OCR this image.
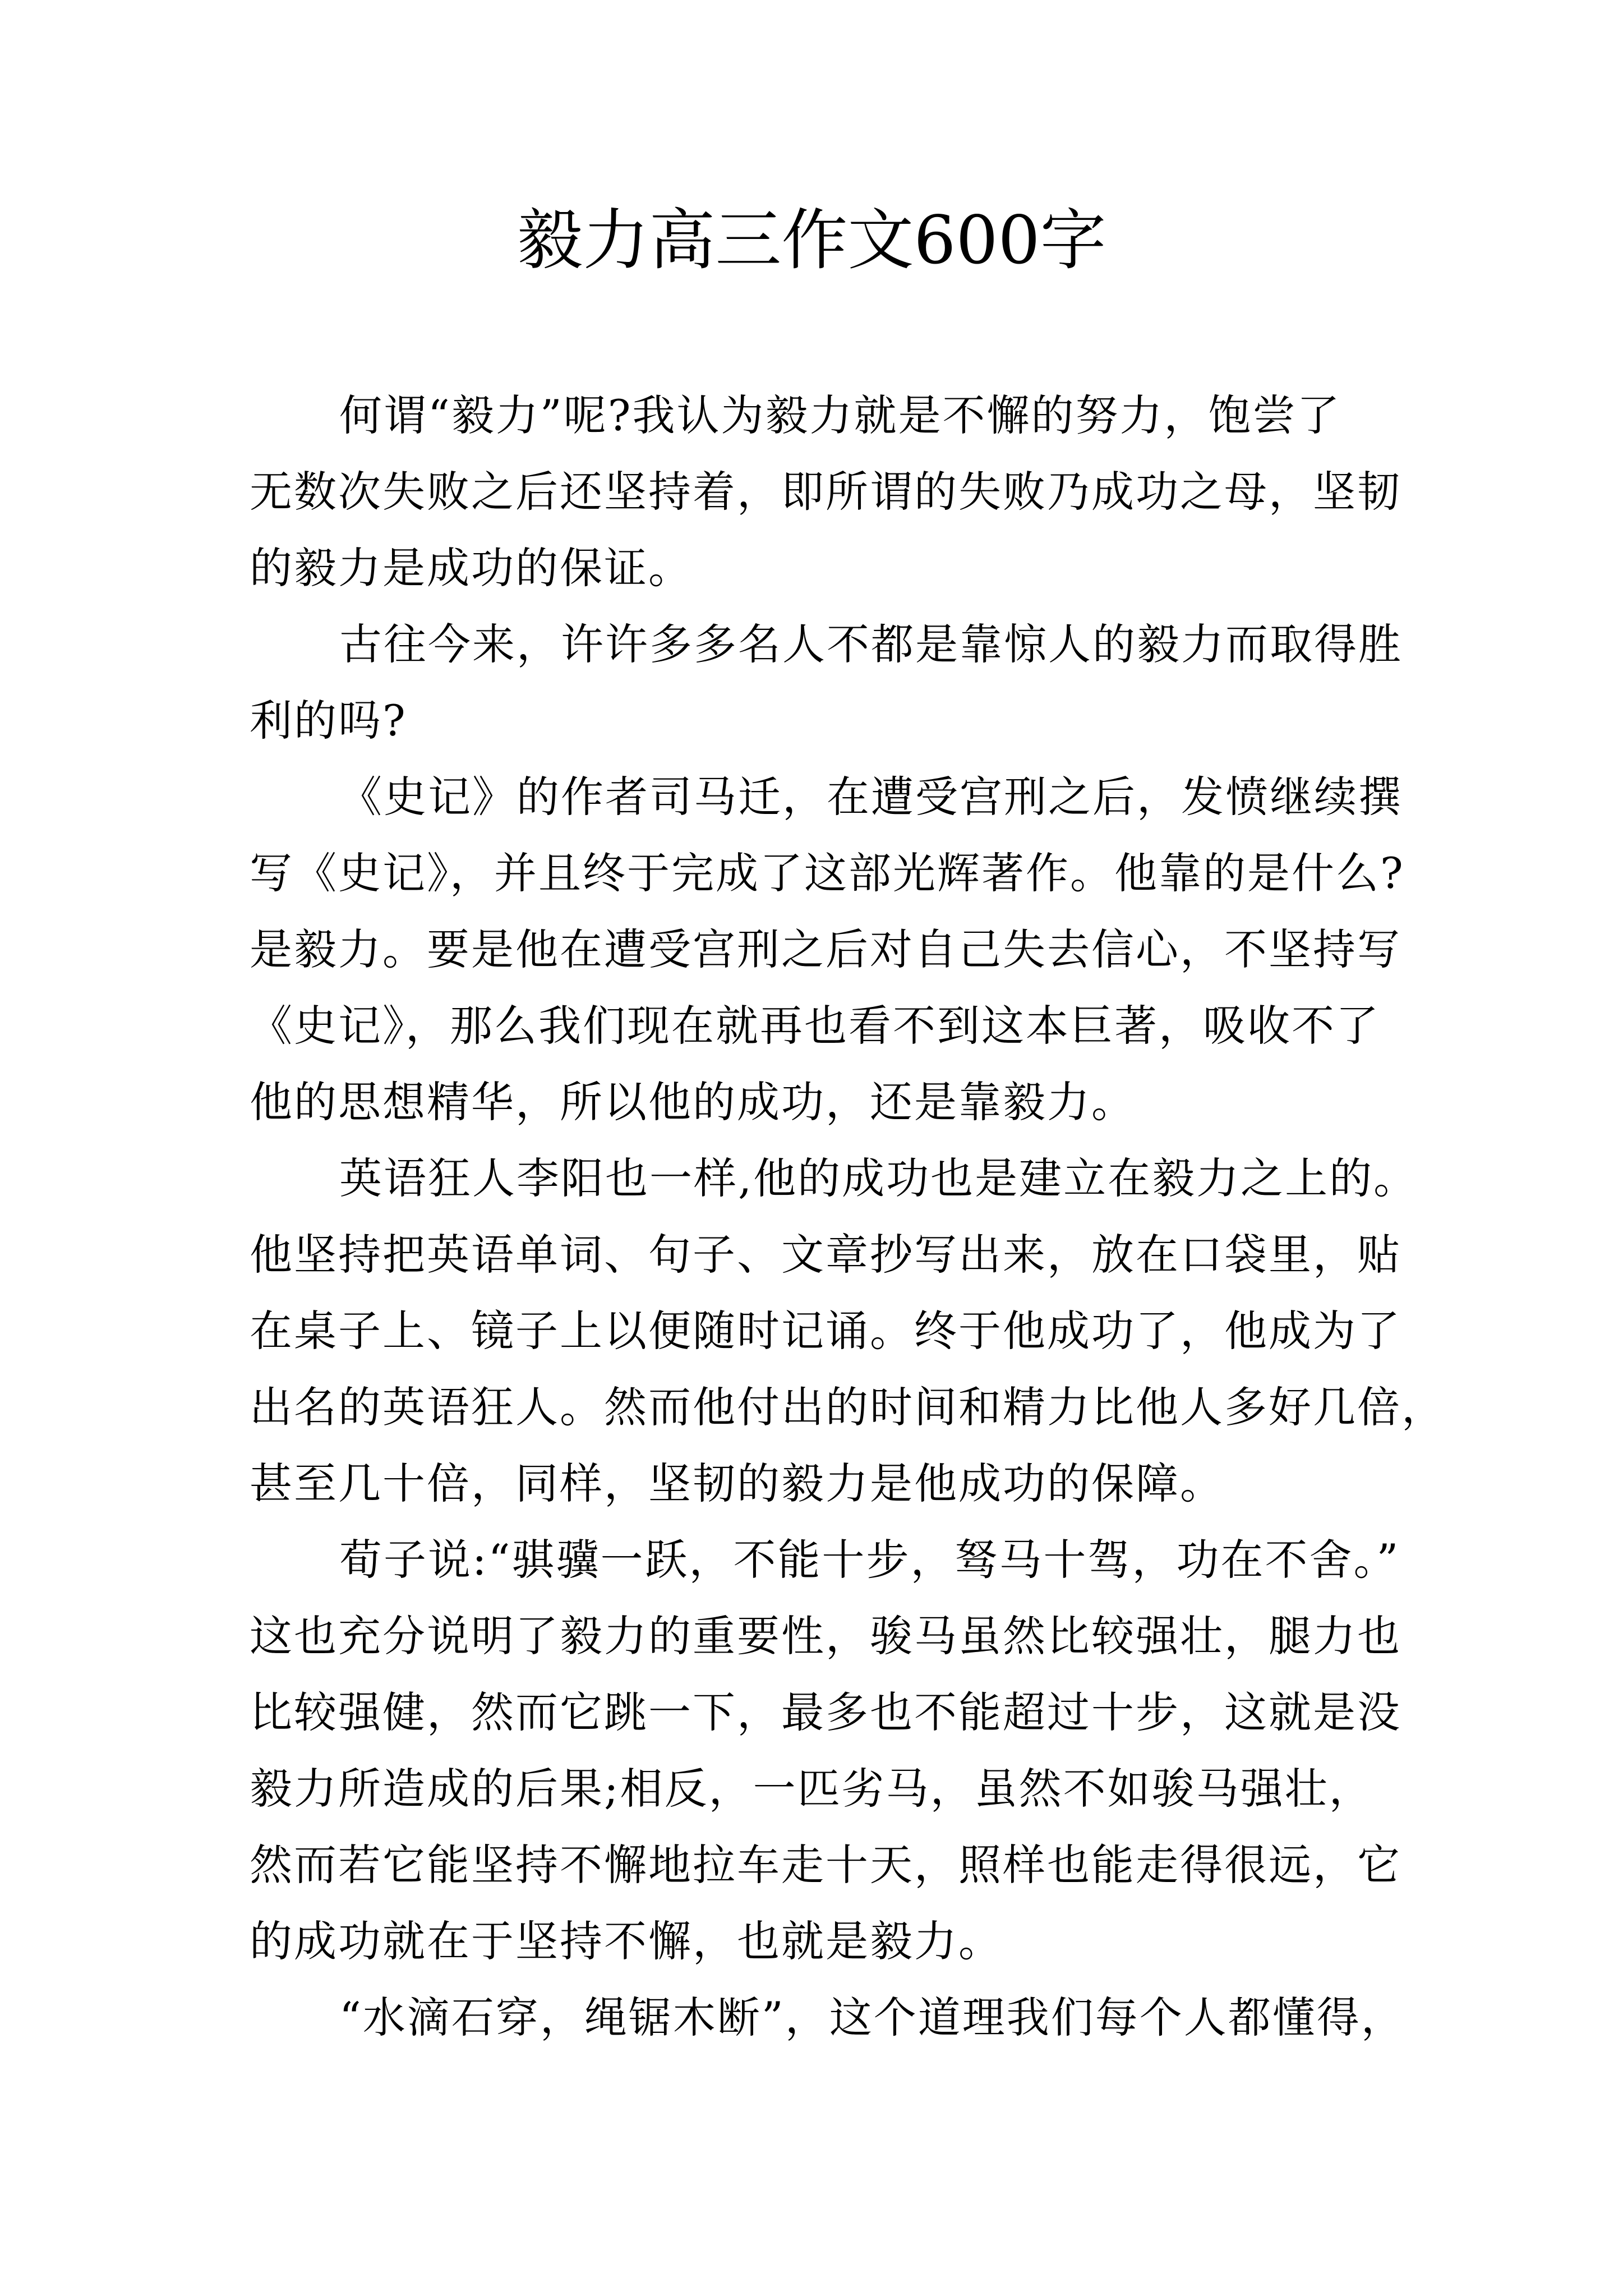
毅力高三作文600字

何谓“毅力”呢?我认为毅力就是不懈的努力，饱尝了
无数次失败之后还坚持着，即所谓的失败乃成功之母，坚韧
的毅力是成功的保证。

古往今来，许许多多名人不都是靠惊人的毅力而取得胜
利的吗?

《史记》的作者司马迁，在遭受宫刑之后，发愤继续撰
写《史记》，并且终于完成了这部光辉著作。他靠的是什么?
是毅力。要是他在遭受宫刑之后对自己失去信心，不坚持写
《史记》，那么我们现在就再也看不到这本巨著，吸收不了
他的思想精华，所以他的成功，还是靠毅力。

英语狂人李阳也一样,他的成功也是建立在毅力之上的。
他坚持把英语单词、句子、文章抄写出来，放在口袋里，贴
在桌子上、镜子上以便随时记诵。终于他成功了，他成为了
出名的英语狂人。然而他付出的时间和精力比他人多好几倍，
甚至几十倍，同样，坚韧的毅力是他成功的保障。

荀子说:“骐骥一跃，不能十步，驽马十驾，功在不舍。”
这也充分说明了毅力的重要性，骏马虽然比较强壮，腿力也
比较强健，然而它跳一下，最多也不能超过十步，这就是没
毅力所造成的后果;相反，一匹劣马，虽然不如骏马强壮，
然而若它能坚持不懈地拉车走十天，照样也能走得很远，它
的成功就在于坚持不懈，也就是毅力。

“水滴石穿，绳锯木断”，这个道理我们每个人都懂得，
